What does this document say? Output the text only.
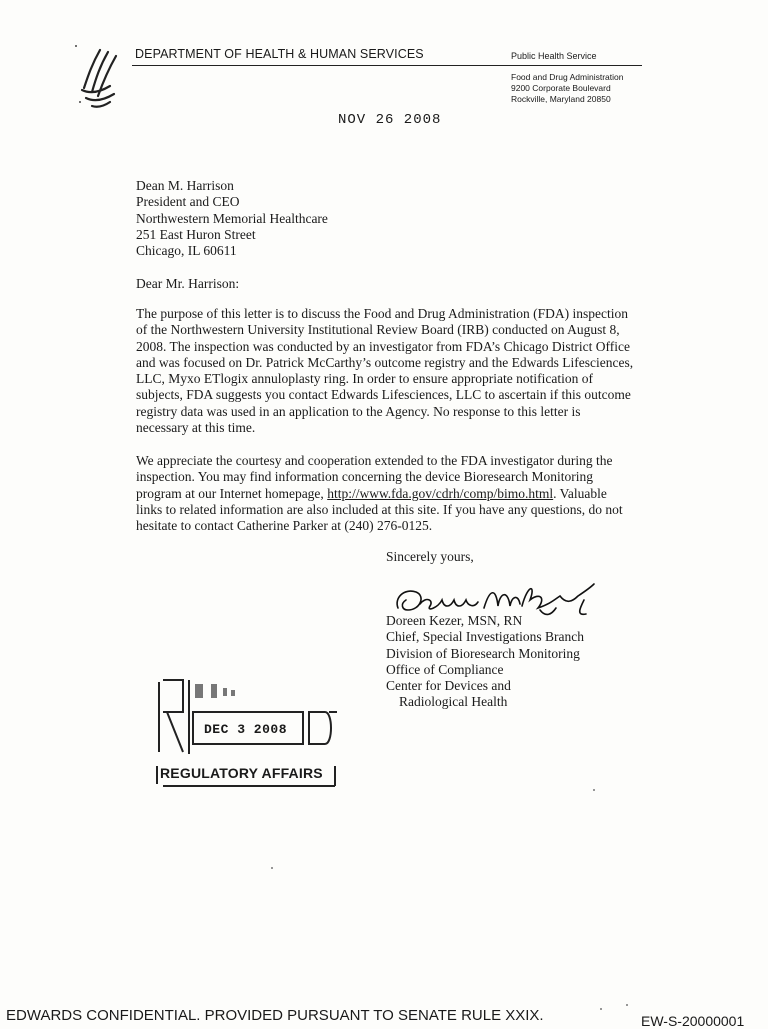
DEPARTMENT OF HEALTH & HUMAN SERVICES	Public Health Service
Food and Drug Administration
9200 Corporate Boulevard
Rockville, Maryland 20850
NOV 26 2008
Dean M. Harrison
President and CEO
Northwestern Memorial Healthcare
251 East Huron Street
Chicago, IL 60611
Dear Mr. Harrison:

The purpose of this letter is to discuss the Food and Drug Administration (FDA) inspection of the Northwestern University Institutional Review Board (IRB) conducted on August 8, 2008. The inspection was conducted by an investigator from FDA’s Chicago District Office and was focused on Dr. Patrick McCarthy’s outcome registry and the Edwards Lifesciences, LLC, Myxo ETlogix annuloplasty ring. In order to ensure appropriate notification of subjects, FDA suggests you contact Edwards Lifesciences, LLC to ascertain if this outcome registry data was used in an application to the Agency. No response to this letter is necessary at this time.

We appreciate the courtesy and cooperation extended to the FDA investigator during the inspection. You may find information concerning the device Bioresearch Monitoring program at our Internet homepage, http://www.fda.gov/cdrh/comp/bimo.html. Valuable links to related information are also included at this site. If you have any questions, do not hesitate to contact Catherine Parker at (240) 276-0125.

Sincerely yours,
Doreen Kezer, MSN, RN
Chief, Special Investigations Branch
Division of Bioresearch Monitoring
Office of Compliance
Center for Devices and
Radiological Health
DEC 3 2008
REGULATORY AFFAIRS
EDWARDS CONFIDENTIAL. PROVIDED PURSUANT TO SENATE RULE XXIX.	EW-S-20000001
